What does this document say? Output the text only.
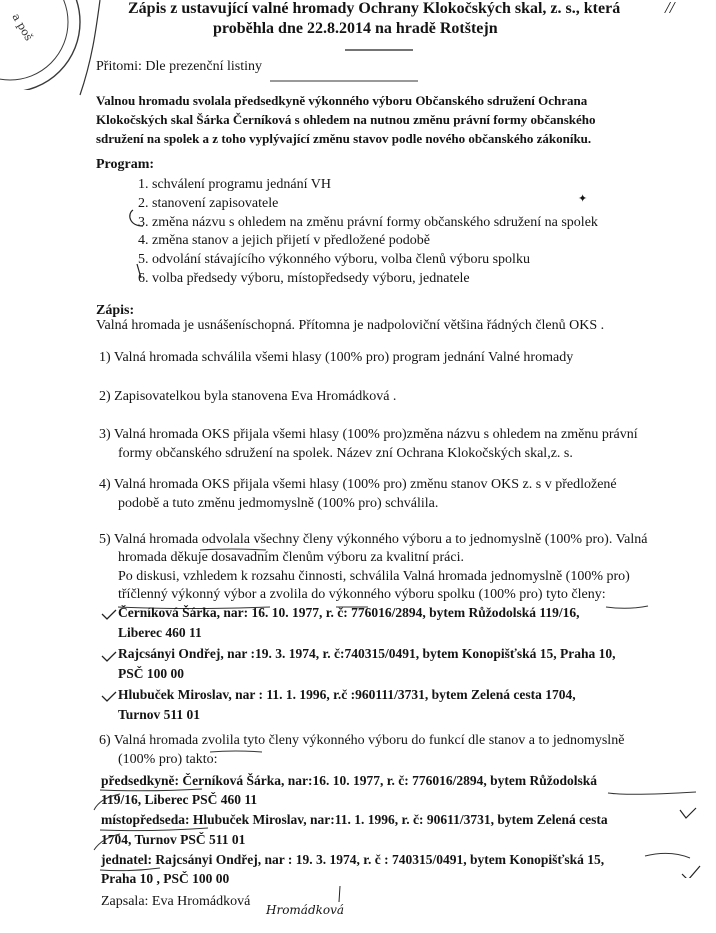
a poš
Zápis z ustavující valné hromady Ochrany Klokočských skal, z. s., která	//
proběhla dne 22.8.2014 na hradě Rotštejn
Přitomi: Dle prezenční listiny
Valnou hromadu svolala předsedkyně výkonného výboru Občanského sdružení Ochrana
Klokočských skal Šárka Černíková s ohledem na nutnou změnu právní formy občanského
sdružení na spolek a z toho vyplývající změnu stavov podle nového občanského zákoníku.
Program:
1. schválení programu jednání VH
2. stanovení zapisovatele
3. změna názvu s ohledem na změnu právní formy občanského sdružení na spolek
4. změna stanov a jejich přijetí v předložené podobě
5. odvolání stávajícího výkonného výboru, volba členů výboru spolku
6. volba předsedy výboru, místopředsedy výboru, jednatele
✦
Zápis:
Valná hromada je usnášeníschopná. Přítomna je nadpoloviční většina řádných členů OKS .
1) Valná hromada schválila všemi hlasy (100% pro) program jednání Valné hromady
2) Zapisovatelkou byla stanovena Eva Hromádková .
3) Valná hromada OKS přijala všemi hlasy (100% pro)změna názvu s ohledem na změnu právní
formy občanského sdružení na spolek. Název zní Ochrana Klokočských skal,z. s.
4) Valná hromada OKS přijala všemi hlasy (100% pro) změnu stanov OKS z. s v předložené
podobě a tuto změnu jedmomyslně (100% pro) schválila.
5) Valná hromada odvolala všechny členy výkonného výboru a to jednomyslně (100% pro). Valná
hromada děkuje dosavadním členům výboru za kvalitní práci.
Po diskusi, vzhledem k rozsahu činnosti, schválila Valná hromada jednomyslně (100% pro)
tříčlenný výkonný výbor a zvolila do výkonného výboru spolku (100% pro) tyto členy:
Černíková Šárka, nar: 16. 10. 1977, r. č: 776016/2894, bytem Růžodolská 119/16,
Liberec 460 11
Rajcsányi Ondřej, nar :19. 3. 1974, r. č:740315/0491, bytem Konopišťská 15, Praha 10,
PSČ 100 00
Hlubuček Miroslav, nar : 11. 1. 1996, r.č :960111/3731, bytem Zelená cesta 1704,
Turnov 511 01
6) Valná hromada zvolila tyto členy výkonného výboru do funkcí dle stanov a to jednomyslně
(100% pro) takto:
předsedkyně: Černíková Šárka, nar:16. 10. 1977, r. č: 776016/2894, bytem Růžodolská
119/16, Liberec PSČ 460 11
místopředseda: Hlubuček Miroslav, nar:11. 1. 1996, r. č: 90611/3731, bytem Zelená cesta
1704, Turnov PSČ 511 01
jednatel: Rajcsányi Ondřej, nar : 19. 3. 1974, r. č : 740315/0491, bytem Konopišťská 15,
Praha 10 , PSČ 100 00
Zapsala: Eva Hromádková
Hromádková
